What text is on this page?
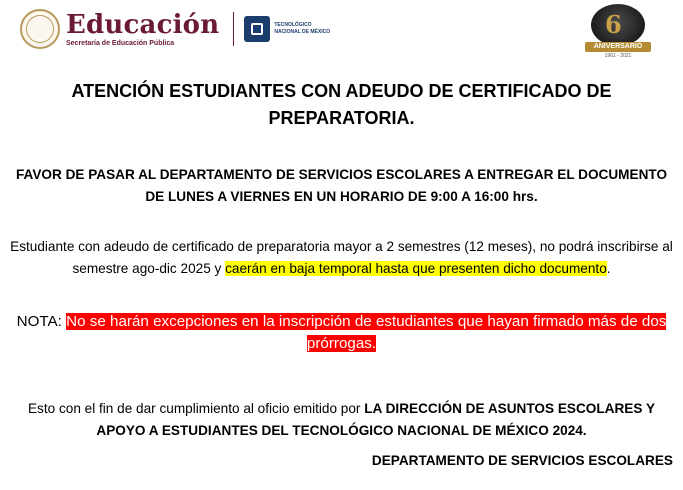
Educación
Secretaría de Educación Pública
TECNOLÓGICO NACIONAL DE MÉXICO	6
ANIVERSARIO
1961 - 2021
ATENCIÓN ESTUDIANTES CON ADEUDO DE CERTIFICADO DE PREPARATORIA.
FAVOR DE PASAR AL DEPARTAMENTO DE SERVICIOS ESCOLARES A ENTREGAR EL DOCUMENTO
DE LUNES A VIERNES EN UN HORARIO DE 9:00 A 16:00 hrs.
Estudiante con adeudo de certificado de preparatoria mayor a 2 semestres (12 meses), no podrá inscribirse al semestre ago-dic 2025 y caerán en baja temporal hasta que presenten dicho documento.
NOTA: No se harán excepciones en la inscripción de estudiantes que hayan firmado más de dos prórrogas.
Esto con el fin de dar cumplimiento al oficio emitido por LA DIRECCIÓN DE ASUNTOS ESCOLARES Y APOYO A ESTUDIANTES DEL TECNOLÓGICO NACIONAL DE MÉXICO 2024.
DEPARTAMENTO DE SERVICIOS ESCOLARES
